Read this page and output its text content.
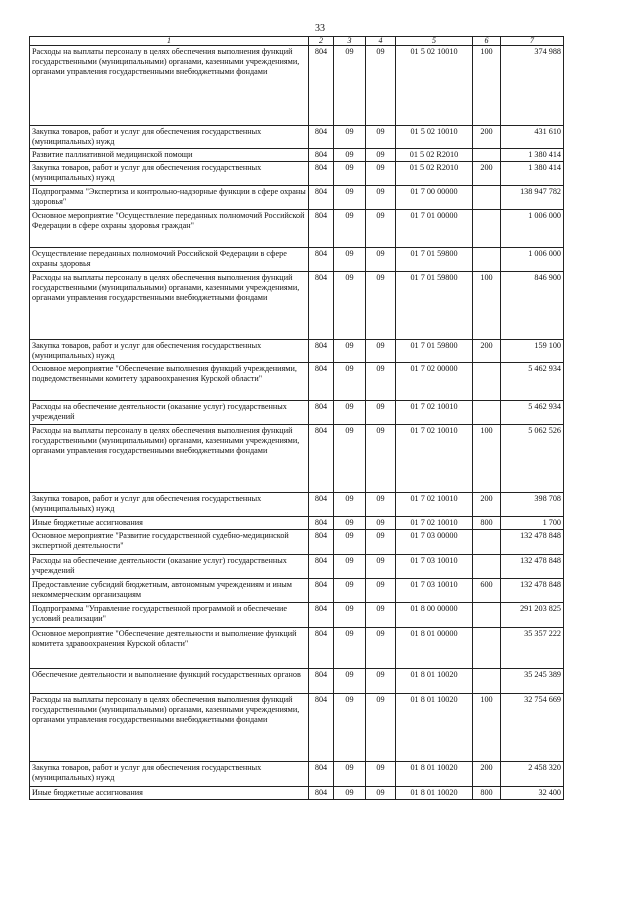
33
1	2	3	4	5	6	7
Расходы на выплаты персоналу в целях обеспечения выполнения функций государственными (муниципальными) органами, казенными учреждениями, органами управления государственными внебюджетными фондами	804	09	09	01 5 02 10010	100	374 988
Закупка товаров, работ и услуг для обеспечения государственных (муниципальных) нужд	804	09	09	01 5 02 10010	200	431 610
Развитие паллиативной медицинской помощи	804	09	09	01 5 02 R2010		1 380 414
Закупка товаров, работ и услуг для обеспечения государственных (муниципальных) нужд	804	09	09	01 5 02 R2010	200	1 380 414
Подпрограмма "Экспертиза и контрольно-надзорные функции в сфере охраны здоровья"	804	09	09	01 7 00 00000		138 947 782
Основное мероприятие "Осуществление переданных полномочий Российской Федерации в сфере охраны здоровья граждан"	804	09	09	01 7 01 00000		1 006 000
Осуществление переданных полномочий Российской Федерации в сфере охраны здоровья	804	09	09	01 7 01 59800		1 006 000
Расходы на выплаты персоналу в целях обеспечения выполнения функций государственными (муниципальными) органами, казенными учреждениями, органами управления государственными внебюджетными фондами	804	09	09	01 7 01 59800	100	846 900
Закупка товаров, работ и услуг для обеспечения государственных (муниципальных) нужд	804	09	09	01 7 01 59800	200	159 100
Основное мероприятие "Обеспечение выполнения функций учреждениями, подведомственными комитету здравоохранения Курской области"	804	09	09	01 7 02 00000		5 462 934
Расходы на обеспечение деятельности (оказание услуг) государственных учреждений	804	09	09	01 7 02 10010		5 462 934
Расходы на выплаты персоналу в целях обеспечения выполнения функций государственными (муниципальными) органами, казенными учреждениями, органами управления государственными внебюджетными фондами	804	09	09	01 7 02 10010	100	5 062 526
Закупка товаров, работ и услуг для обеспечения государственных (муниципальных) нужд	804	09	09	01 7 02 10010	200	398 708
Иные бюджетные ассигнования	804	09	09	01 7 02 10010	800	1 700
Основное мероприятие "Развитие государственной судебно-медицинской экспертной деятельности"	804	09	09	01 7 03 00000		132 478 848
Расходы на обеспечение деятельности (оказание услуг) государственных учреждений	804	09	09	01 7 03 10010		132 478 848
Предоставление субсидий бюджетным, автономным учреждениям и иным некоммерческим организациям	804	09	09	01 7 03 10010	600	132 478 848
Подпрограмма "Управление государственной программой и обеспечение условий реализации"	804	09	09	01 8 00 00000		291 203 825
Основное мероприятие "Обеспечение деятельности и выполнение функций комитета здравоохранения Курской области"	804	09	09	01 8 01 00000		35 357 222
Обеспечение деятельности и выполнение функций государственных органов	804	09	09	01 8 01 10020		35 245 389
Расходы на выплаты персоналу в целях обеспечения выполнения функций государственными (муниципальными) органами, казенными учреждениями, органами управления государственными внебюджетными фондами	804	09	09	01 8 01 10020	100	32 754 669
Закупка товаров, работ и услуг для обеспечения государственных (муниципальных) нужд	804	09	09	01 8 01 10020	200	2 458 320
Иные бюджетные ассигнования	804	09	09	01 8 01 10020	800	32 400
